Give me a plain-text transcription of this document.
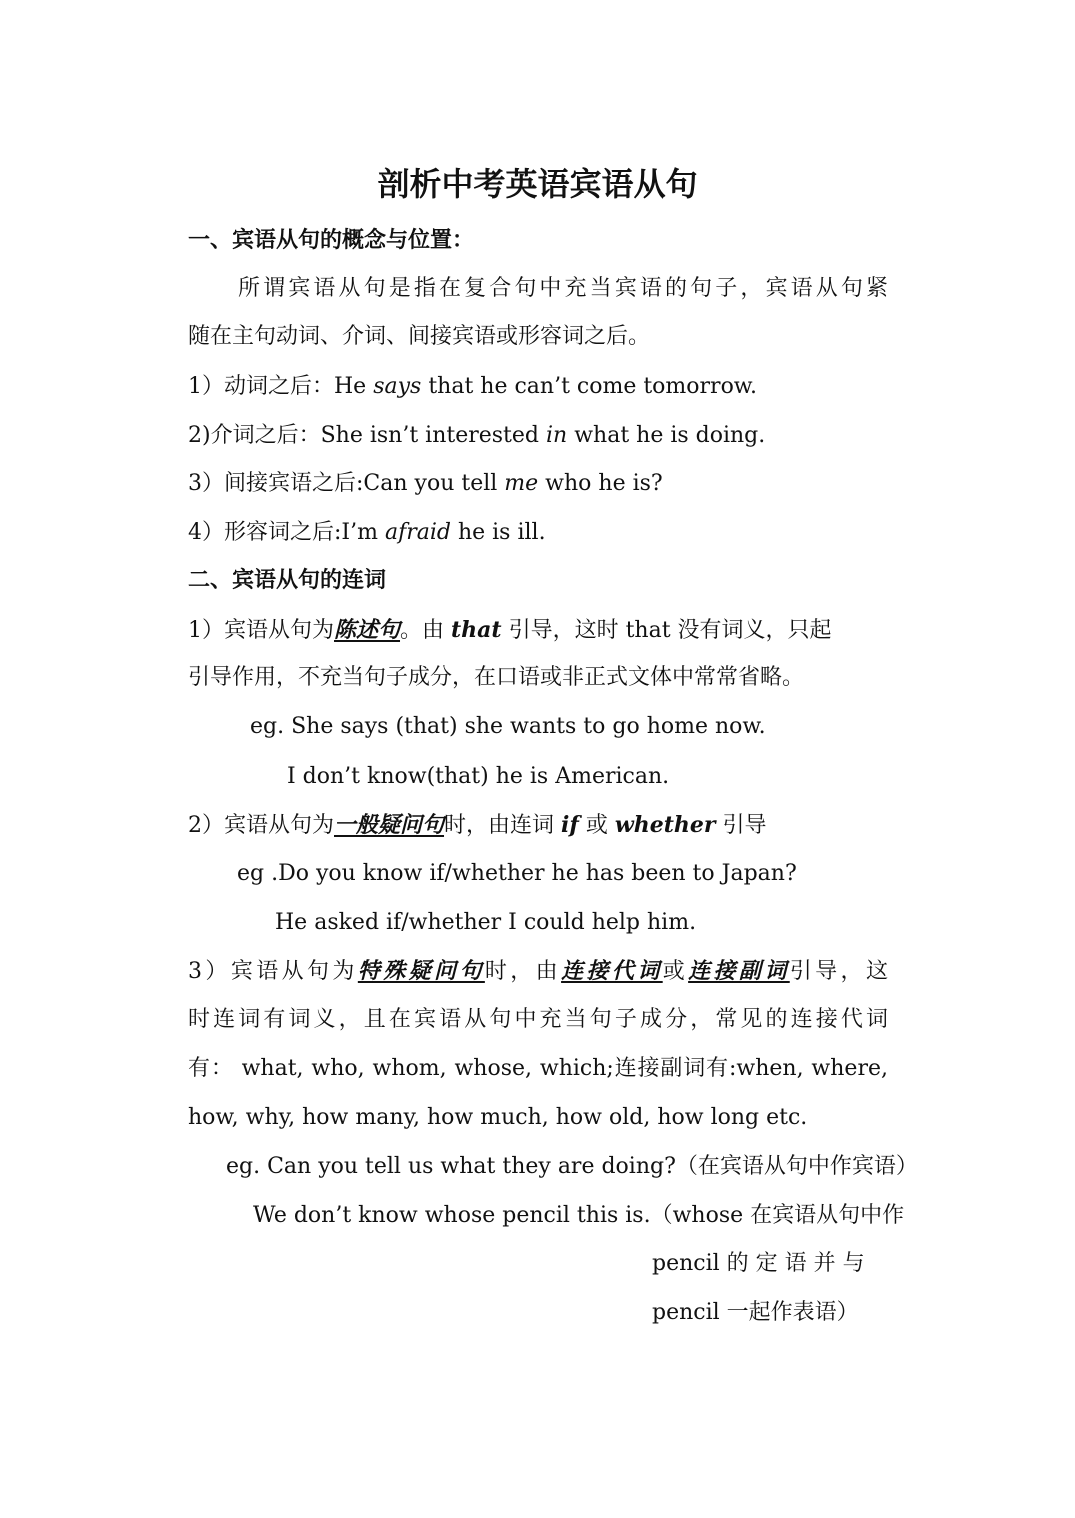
剖析中考英语宾语从句
一、宾语从句的概念与位置：
所谓宾语从句是指在复合句中充当宾语的句子，宾语从句紧
随在主句动词、介词、间接宾语或形容词之后。
1）动词之后：He says that he can’t come tomorrow.
2)介词之后：She isn’t interested in what he is doing.
3）间接宾语之后:Can you tell me who he is?
4）形容词之后:I’m afraid he is ill.
二、宾语从句的连词
1）宾语从句为陈述句。由 that 引导，这时 that 没有词义，只起
引导作用，不充当句子成分，在口语或非正式文体中常常省略。
eg. She says (that) she wants to go home now.
I don’t know(that) he is American.
2）宾语从句为一般疑问句时，由连词 if 或 whether 引导
eg .Do you know if/whether he has been to Japan?
He asked if/whether I could help him.
3）宾语从句为特殊疑问句时，由连接代词或连接副词引导，这
时连词有词义，且在宾语从句中充当句子成分，常见的连接代词
有： what, who, whom, whose, which;连接副词有:when, where,
how, why, how many, how much, how old, how long etc.
eg. Can you tell us what they are doing?（在宾语从句中作宾语）
We don’t know whose pencil this is.（whose 在宾语从句中作
pencil 的 定 语 并 与
pencil 一起作表语）
